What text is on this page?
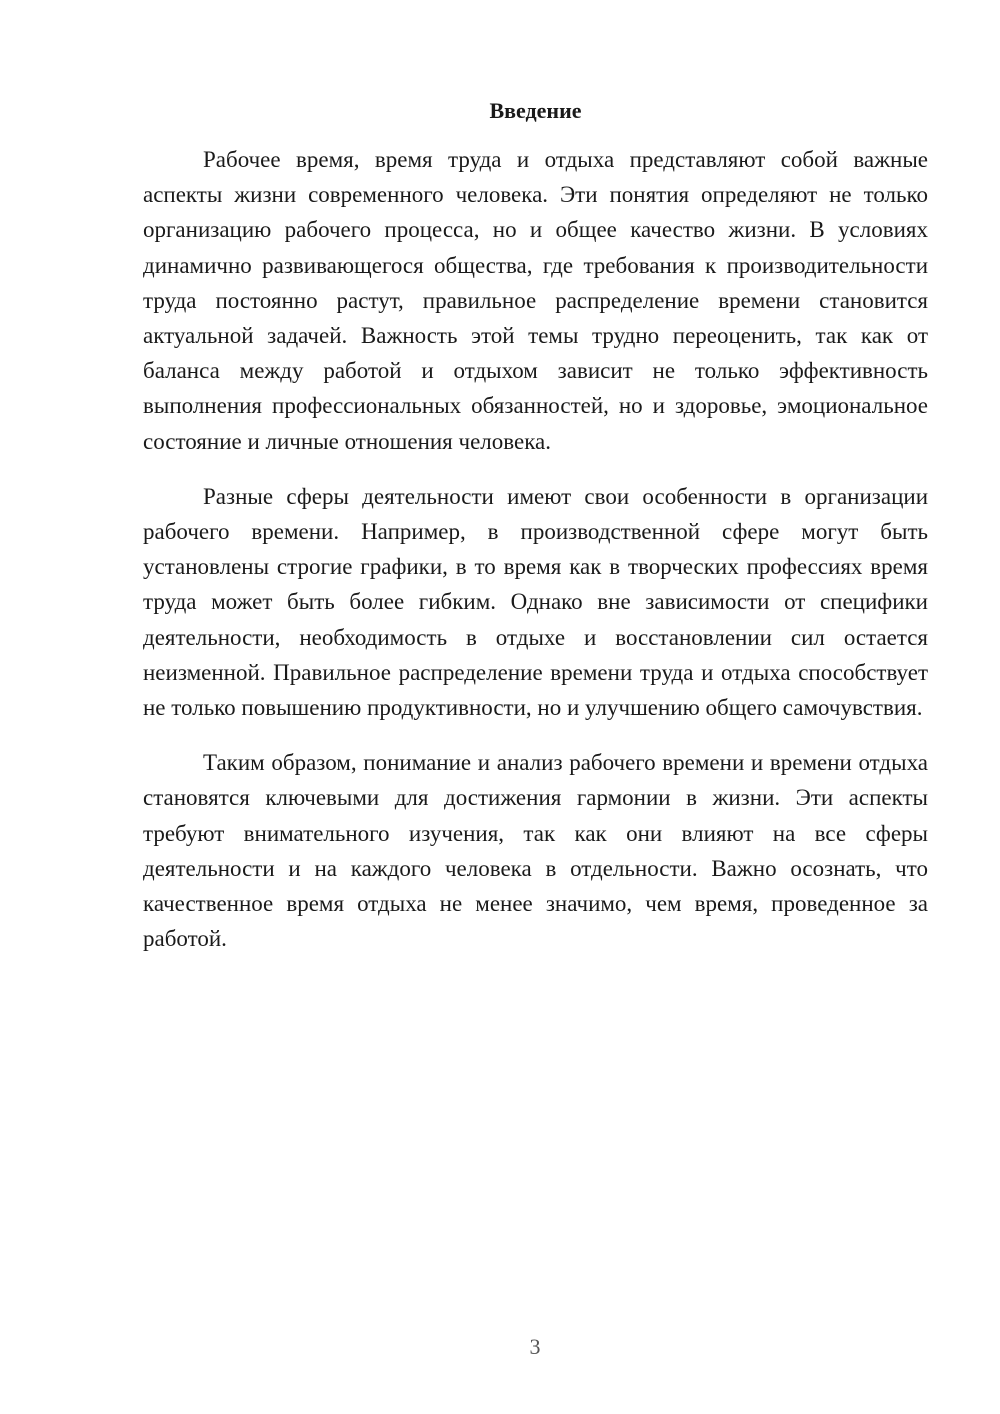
Введение

Рабочее время, время труда и отдыха представляют собой важные аспекты жизни современного человека. Эти понятия определяют не только организацию рабочего процесса, но и общее качество жизни. В условиях динамично развивающегося общества, где требования к производительности труда постоянно растут, правильное распределение времени становится актуальной задачей. Важность этой темы трудно переоценить, так как от баланса между работой и отдыхом зависит не только эффективность выполнения профессиональных обязанностей, но и здоровье, эмоциональное состояние и личные отношения человека.

Разные сферы деятельности имеют свои особенности в организации рабочего времени. Например, в производственной сфере могут быть установлены строгие графики, в то время как в творческих профессиях время труда может быть более гибким. Однако вне зависимости от специфики деятельности, необходимость в отдыхе и восстановлении сил остается неизменной. Правильное распределение времени труда и отдыха способствует не только повышению продуктивности, но и улучшению общего самочувствия.

Таким образом, понимание и анализ рабочего времени и времени отдыха становятся ключевыми для достижения гармонии в жизни. Эти аспекты требуют внимательного изучения, так как они влияют на все сферы деятельности и на каждого человека в отдельности. Важно осознать, что качественное время отдыха не менее значимо, чем время, проведенное за работой.

3
